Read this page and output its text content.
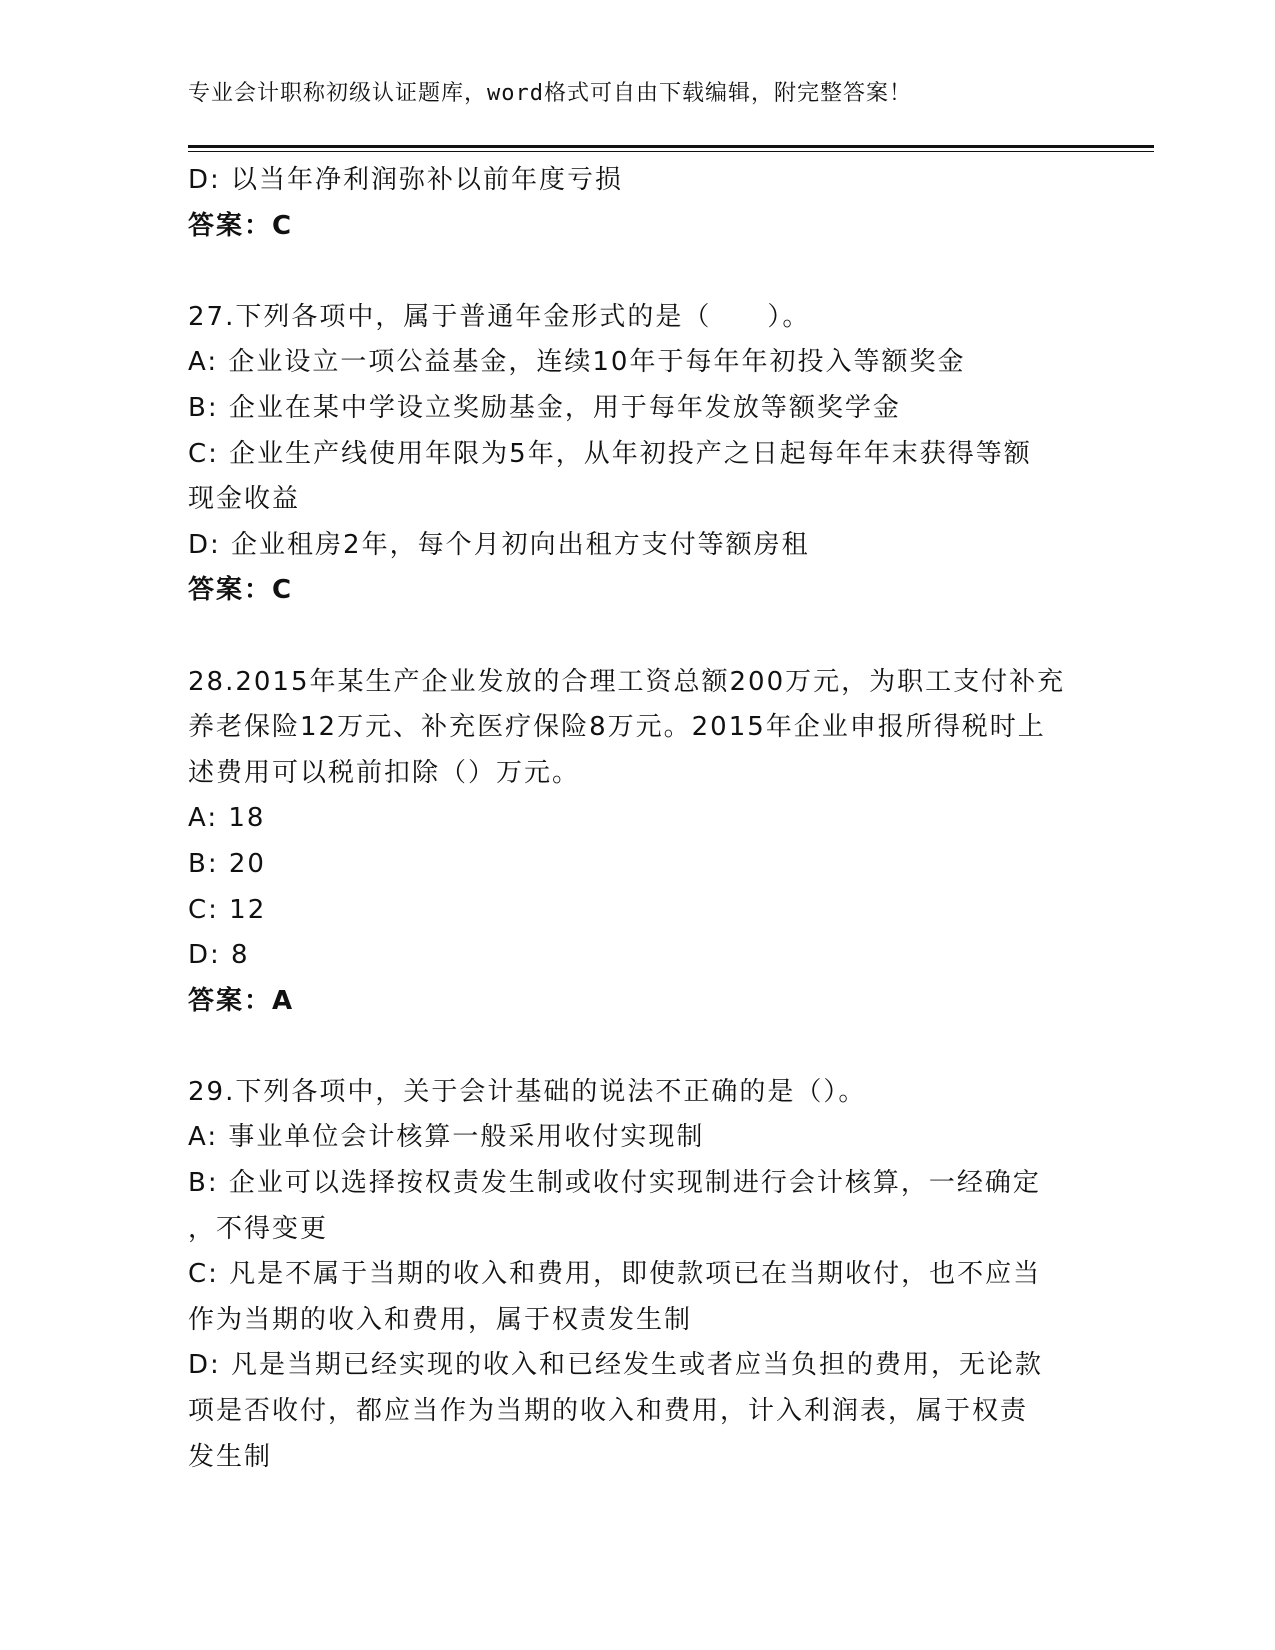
专业会计职称初级认证题库，word格式可自由下载编辑，附完整答案！
D: 以当年净利润弥补以前年度亏损
答案：C
27.下列各项中，属于普通年金形式的是（　　）。
A: 企业设立一项公益基金，连续10年于每年年初投入等额奖金
B: 企业在某中学设立奖励基金，用于每年发放等额奖学金
C: 企业生产线使用年限为5年，从年初投产之日起每年年末获得等额
现金收益
D: 企业租房2年，每个月初向出租方支付等额房租
答案：C
28.2015年某生产企业发放的合理工资总额200万元，为职工支付补充
养老保险12万元、补充医疗保险8万元。2015年企业申报所得税时上
述费用可以税前扣除（）万元。
A: 18
B: 20
C: 12
D: 8
答案：A
29.下列各项中，关于会计基础的说法不正确的是（）。
A: 事业单位会计核算一般采用收付实现制
B: 企业可以选择按权责发生制或收付实现制进行会计核算，一经确定
，不得变更
C: 凡是不属于当期的收入和费用，即使款项已在当期收付，也不应当
作为当期的收入和费用，属于权责发生制
D: 凡是当期已经实现的收入和已经发生或者应当负担的费用，无论款
项是否收付，都应当作为当期的收入和费用，计入利润表，属于权责
发生制
